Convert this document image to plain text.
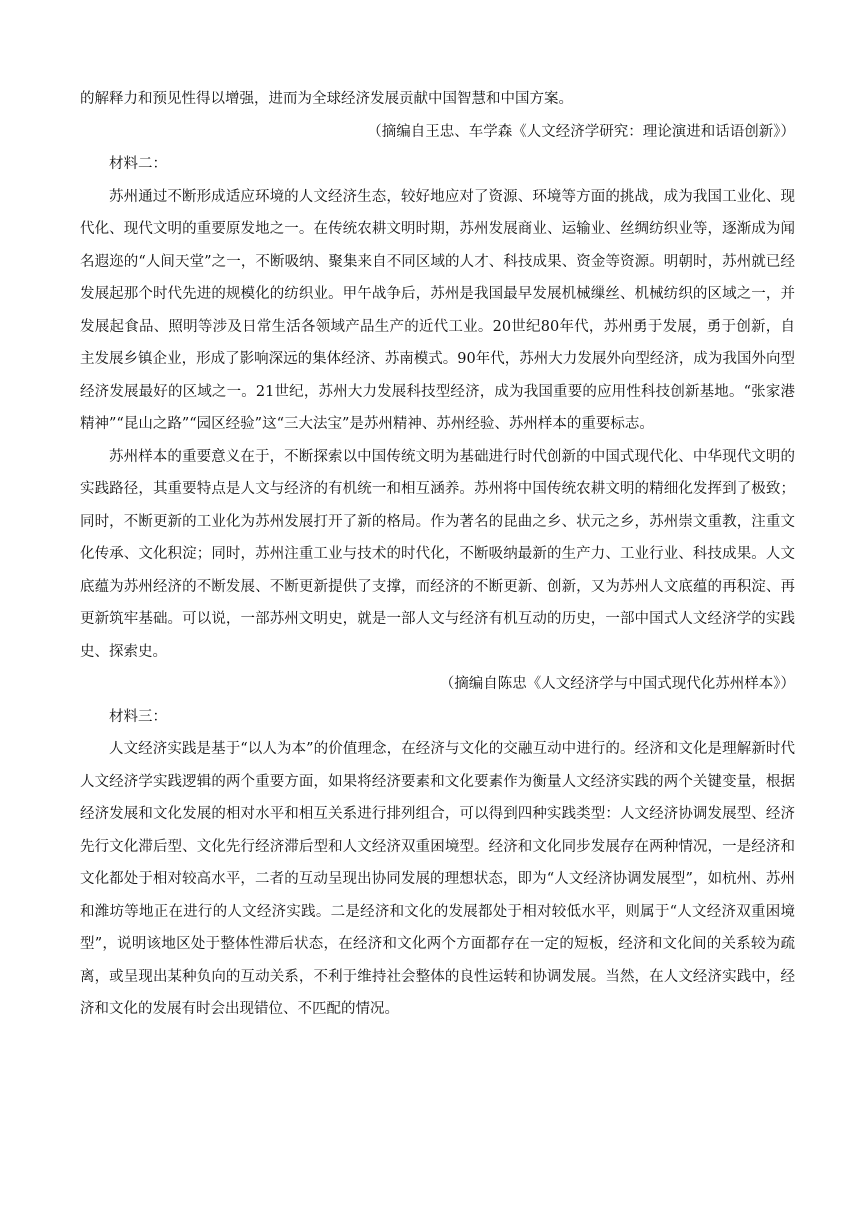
的解释力和预见性得以增强，进而为全球经济发展贡献中国智慧和中国方案。

（摘编自王忠、车学森《人文经济学研究：理论演进和话语创新》）

材料二：

苏州通过不断形成适应环境的人文经济生态，较好地应对了资源、环境等方面的挑战，成为我国工业化、现代化、现代文明的重要原发地之一。在传统农耕文明时期，苏州发展商业、运输业、丝绸纺织业等，逐渐成为闻名遐迩的“人间天堂”之一，不断吸纳、聚集来自不同区域的人才、科技成果、资金等资源。明朝时，苏州就已经发展起那个时代先进的规模化的纺织业。甲午战争后，苏州是我国最早发展机械缫丝、机械纺织的区域之一，并发展起食品、照明等涉及日常生活各领域产品生产的近代工业。20世纪80年代，苏州勇于发展，勇于创新，自主发展乡镇企业，形成了影响深远的集体经济、苏南模式。90年代，苏州大力发展外向型经济，成为我国外向型经济发展最好的区域之一。21世纪，苏州大力发展科技型经济，成为我国重要的应用性科技创新基地。“张家港精神”“昆山之路”“园区经验”这“三大法宝”是苏州精神、苏州经验、苏州样本的重要标志。

苏州样本的重要意义在于，不断探索以中国传统文明为基础进行时代创新的中国式现代化、中华现代文明的实践路径，其重要特点是人文与经济的有机统一和相互涵养。苏州将中国传统农耕文明的精细化发挥到了极致；同时，不断更新的工业化为苏州发展打开了新的格局。作为著名的昆曲之乡、状元之乡，苏州崇文重教，注重文化传承、文化积淀；同时，苏州注重工业与技术的时代化，不断吸纳最新的生产力、工业行业、科技成果。人文底蕴为苏州经济的不断发展、不断更新提供了支撑，而经济的不断更新、创新，又为苏州人文底蕴的再积淀、再更新筑牢基础。可以说，一部苏州文明史，就是一部人文与经济有机互动的历史，一部中国式人文经济学的实践史、探索史。

（摘编自陈忠《人文经济学与中国式现代化苏州样本》）

材料三：

人文经济实践是基于“以人为本”的价值理念，在经济与文化的交融互动中进行的。经济和文化是理解新时代人文经济学实践逻辑的两个重要方面，如果将经济要素和文化要素作为衡量人文经济实践的两个关键变量，根据经济发展和文化发展的相对水平和相互关系进行排列组合，可以得到四种实践类型：人文经济协调发展型、经济先行文化滞后型、文化先行经济滞后型和人文经济双重困境型。经济和文化同步发展存在两种情况，一是经济和文化都处于相对较高水平，二者的互动呈现出协同发展的理想状态，即为“人文经济协调发展型”，如杭州、苏州和潍坊等地正在进行的人文经济实践。二是经济和文化的发展都处于相对较低水平，则属于“人文经济双重困境型”，说明该地区处于整体性滞后状态，在经济和文化两个方面都存在一定的短板，经济和文化间的关系较为疏离，或呈现出某种负向的互动关系，不利于维持社会整体的良性运转和协调发展。当然，在人文经济实践中，经济和文化的发展有时会出现错位、不匹配的情况。
